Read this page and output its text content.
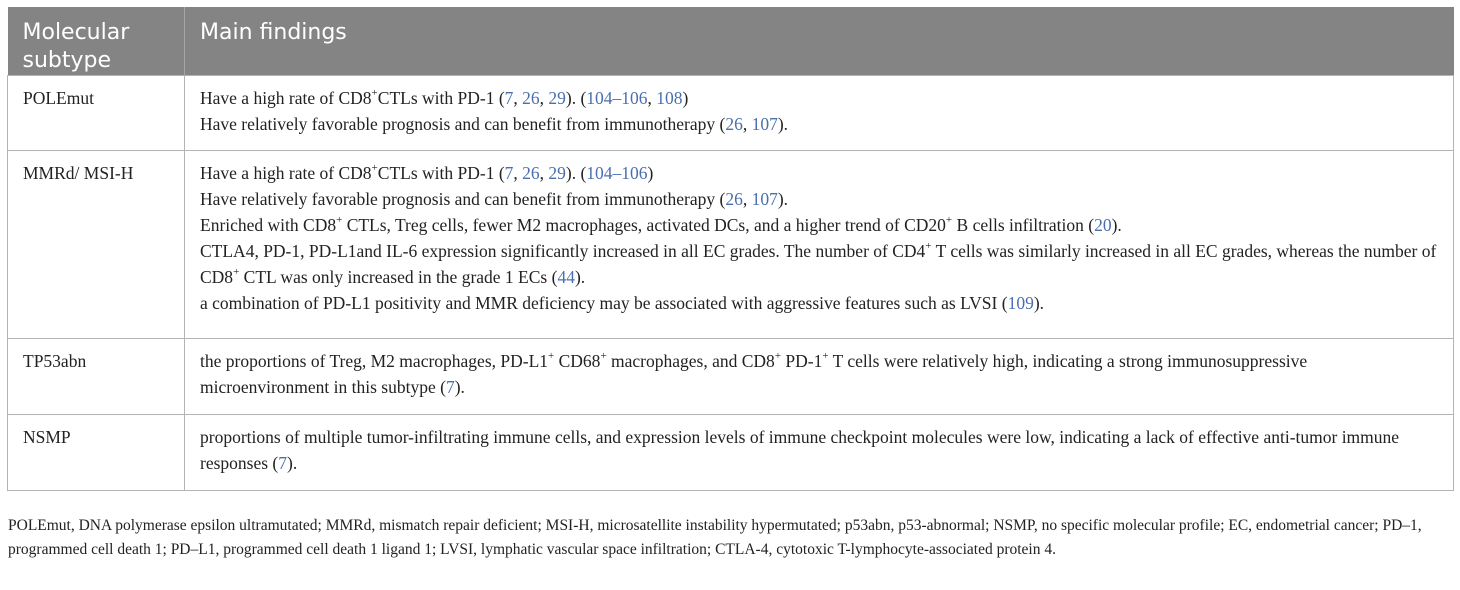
Molecular subtype	Main findings
POLEmut	Have a high rate of CD8+CTLs with PD-1 (7, 26, 29). (104–106, 108)
Have relatively favorable prognosis and can benefit from immunotherapy (26, 107).
MMRd/ MSI-H	Have a high rate of CD8+CTLs with PD-1 (7, 26, 29). (104–106)
Have relatively favorable prognosis and can benefit from immunotherapy (26, 107).
Enriched with CD8+ CTLs, Treg cells, fewer M2 macrophages, activated DCs, and a higher trend of CD20+ B cells infiltration (20).
CTLA4, PD-1, PD-L1and IL-6 expression significantly increased in all EC grades. The number of CD4+ T cells was similarly increased in all EC grades, whereas the number of CD8+ CTL was only increased in the grade 1 ECs (44).
a combination of PD-L1 positivity and MMR deficiency may be associated with aggressive features such as LVSI (109).
TP53abn	the proportions of Treg, M2 macrophages, PD-L1+ CD68+ macrophages, and CD8+ PD-1+ T cells were relatively high, indicating a strong immunosuppressive microenvironment in this subtype (7).
NSMP	proportions of multiple tumor-infiltrating immune cells, and expression levels of immune checkpoint molecules were low, indicating a lack of effective anti-tumor immune responses (7).
POLEmut, DNA polymerase epsilon ultramutated; MMRd, mismatch repair deficient; MSI-H, microsatellite instability hypermutated; p53abn, p53-abnormal; NSMP, no specific molecular profile; EC, endometrial cancer; PD–1, programmed cell death 1; PD–L1, programmed cell death 1 ligand 1; LVSI, lymphatic vascular space infiltration; CTLA-4, cytotoxic T-lymphocyte-associated protein 4.
